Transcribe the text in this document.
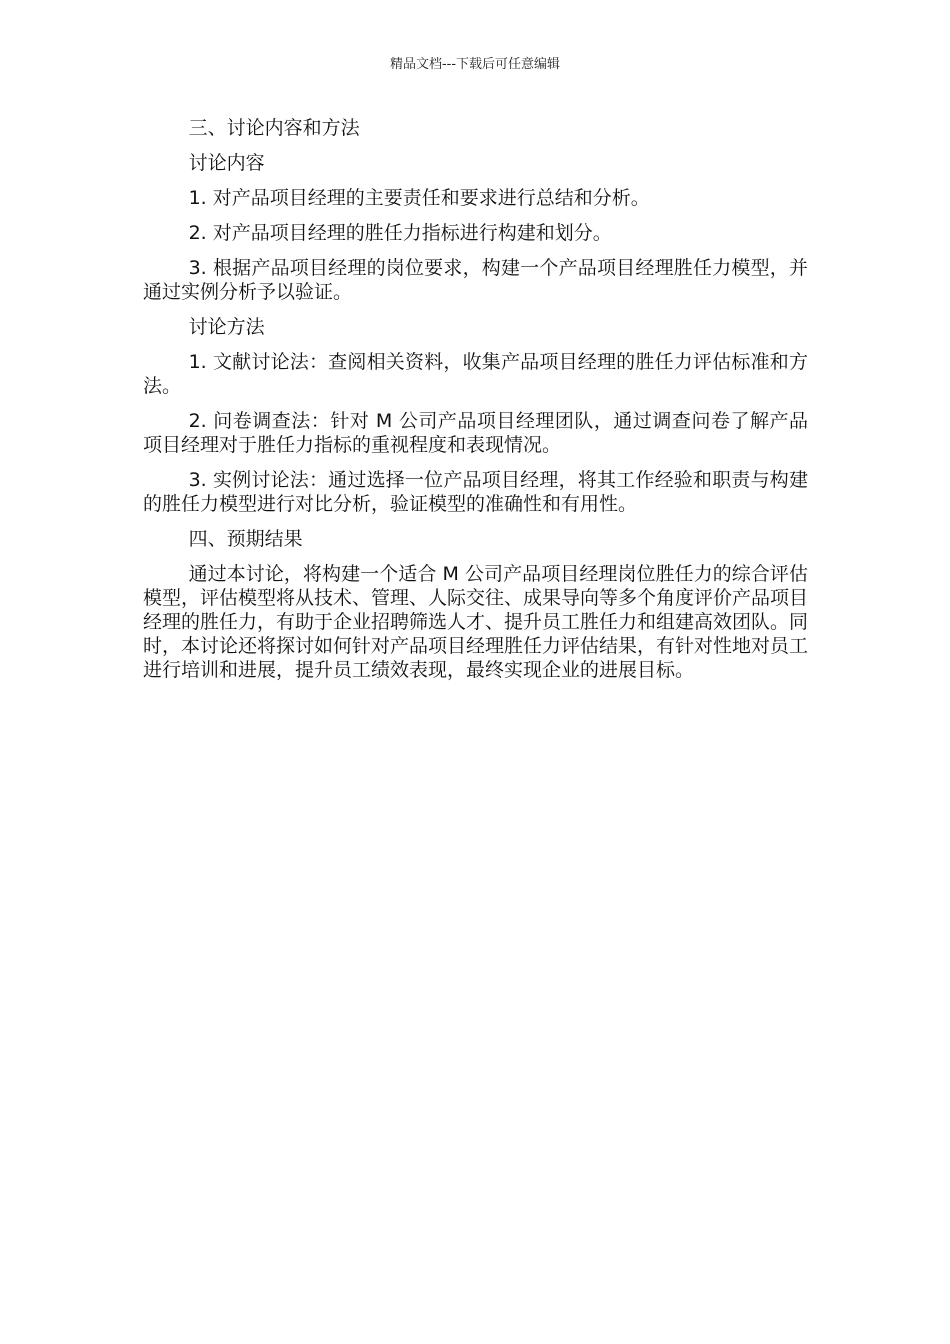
精品文档---下载后可任意编辑

三、讨论内容和方法

讨论内容

1. 对产品项目经理的主要责任和要求进行总结和分析。

2. 对产品项目经理的胜任力指标进行构建和划分。

3. 根据产品项目经理的岗位要求，构建一个产品项目经理胜任力模型，并通过实例分析予以验证。

讨论方法

1. 文献讨论法：查阅相关资料，收集产品项目经理的胜任力评估标准和方法。

2. 问卷调查法：针对 M 公司产品项目经理团队，通过调查问卷了解产品项目经理对于胜任力指标的重视程度和表现情况。

3. 实例讨论法：通过选择一位产品项目经理，将其工作经验和职责与构建的胜任力模型进行对比分析，验证模型的准确性和有用性。

四、预期结果

通过本讨论，将构建一个适合 M 公司产品项目经理岗位胜任力的综合评估模型，评估模型将从技术、管理、人际交往、成果导向等多个角度评价产品项目经理的胜任力，有助于企业招聘筛选人才、提升员工胜任力和组建高效团队。同时，本讨论还将探讨如何针对产品项目经理胜任力评估结果，有针对性地对员工进行培训和进展，提升员工绩效表现，最终实现企业的进展目标。
